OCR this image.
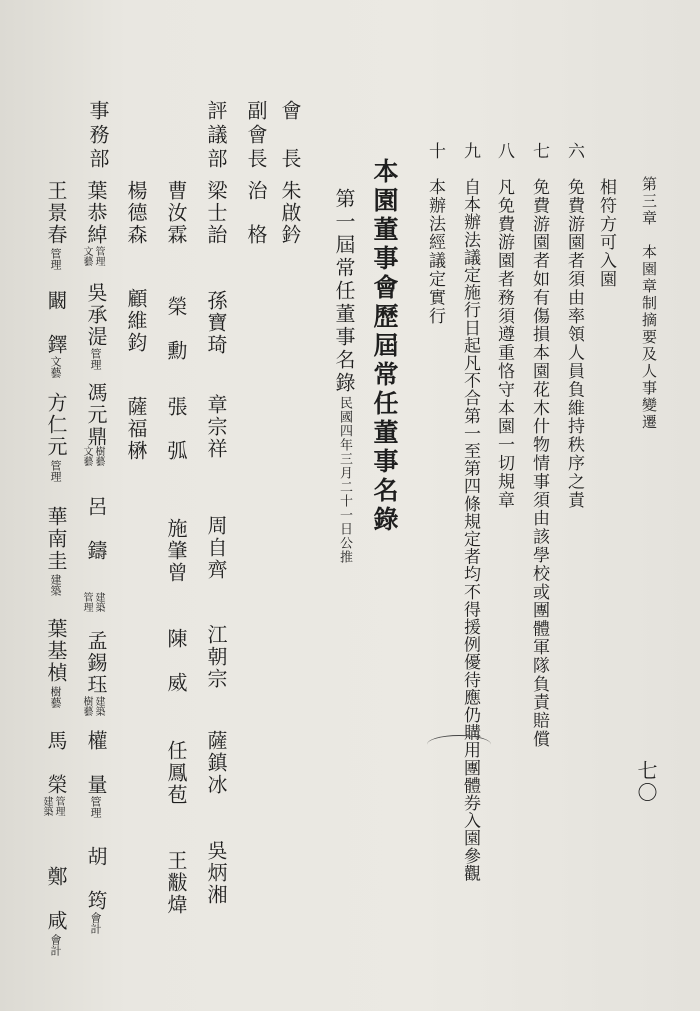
第三章　本園章制摘要及人事變遷
七〇
相符方可入園
六
免費游園者須由率領人員負維持秩序之責
七
免費游園者如有傷損本園花木什物情事須由該學校或團體軍隊負責賠償
八
凡免費游園者務須遵重恪守本園一切規章
九
自本辦法議定施行日起凡不合第一至第四條規定者均不得援例優待應仍購用團體券入園參觀
十
本辦法經議定實行
本園董事會歷屆常任董事名錄
第一屆常任董事名錄
民國四年三月二十一日公推
會　長
朱啟鈐
副會長
治　格
評議部
梁士詒
孫寶琦
章宗祥
周自齊
江朝宗
薩鎮冰
吳炳湘
曹汝霖
榮　勳
張　弧
施肇曾
陳　威
任鳳苞
王黻煒
楊德森
顧維鈞
薩福楙
事務部
葉恭綽
文藝 管理
吳承湜
管理
馮元鼎
文藝 樹藝
呂　鑄
管理 建築
孟錫珏
樹藝 建築
權　量
管理
胡　筠
會計
王景春
管理
闞　鐸
文藝
方仁元
管理
華南圭
建築
葉基楨
樹藝
馬　榮
建築 管理
鄭　咸
會計
